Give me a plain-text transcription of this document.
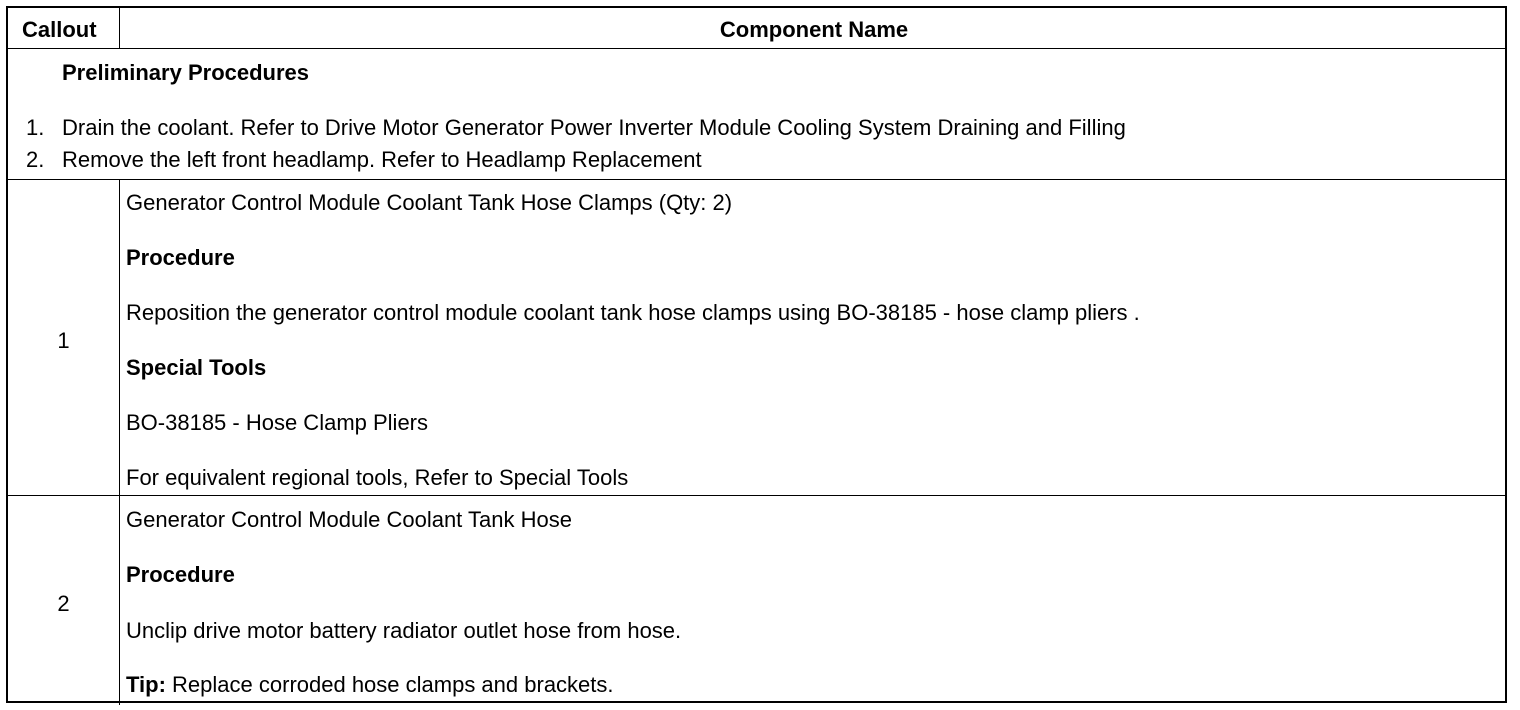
Callout	Component Name
Preliminary Procedures
1. Drain the coolant. Refer to Drive Motor Generator Power Inverter Module Cooling System Draining and Filling
2. Remove the left front headlamp. Refer to Headlamp Replacement
1
Generator Control Module Coolant Tank Hose Clamps (Qty: 2)
Procedure
Reposition the generator control module coolant tank hose clamps using BO-38185 - hose clamp pliers .
Special Tools
BO-38185 - Hose Clamp Pliers
For equivalent regional tools, Refer to Special Tools
2
Generator Control Module Coolant Tank Hose
Procedure
Unclip drive motor battery radiator outlet hose from hose.
Tip: Replace corroded hose clamps and brackets.
